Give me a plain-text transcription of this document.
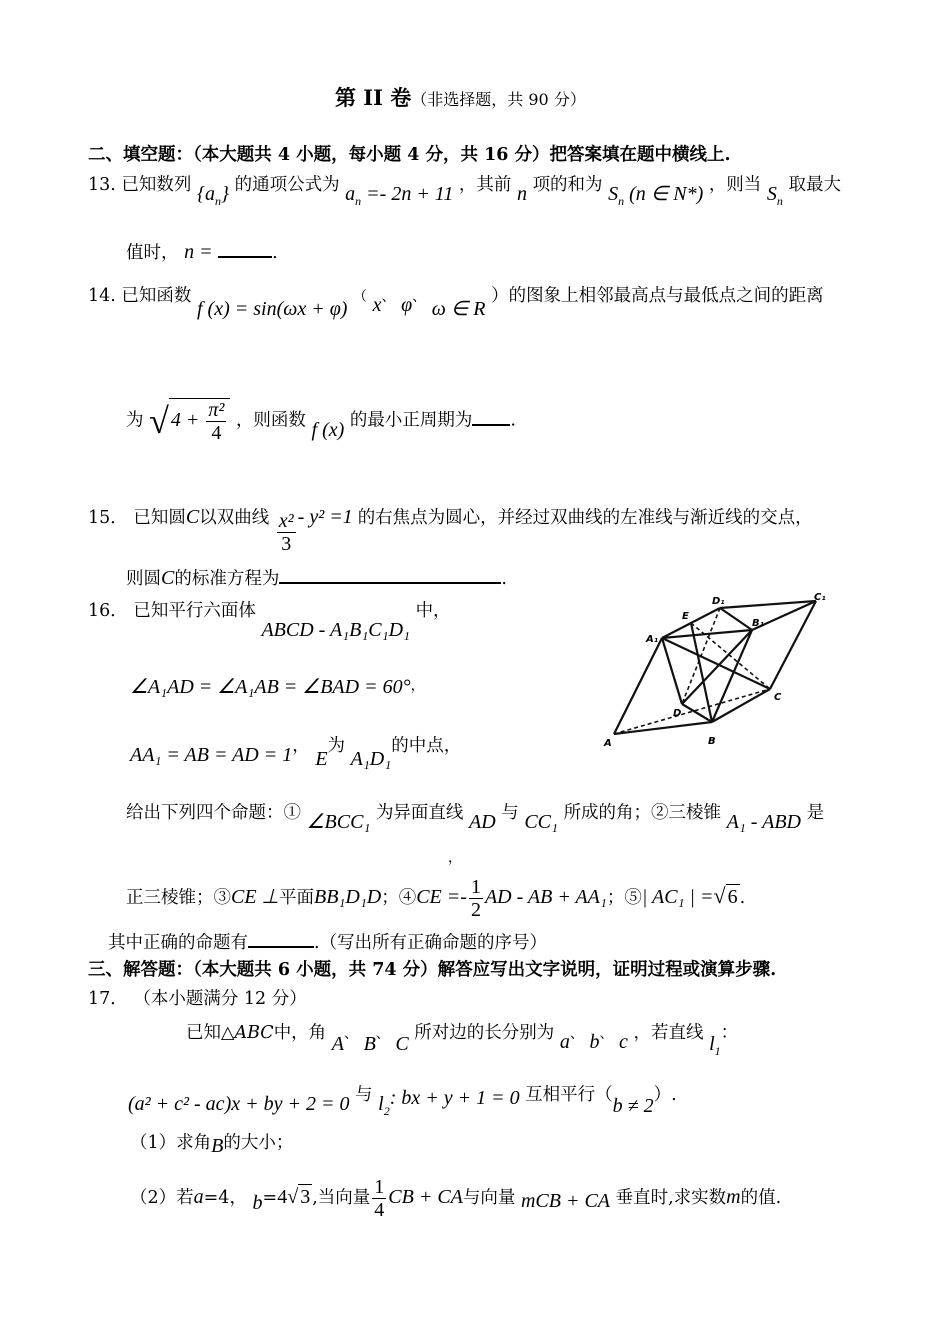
第 II 卷（非选择题，共 90 分）
二、填空题：（本大题共 4 小题，每小题 4 分，共 16 分）把答案填在题中横线上.
13. 已知数列 $\{a_n\}$ 的通项公式为 $a_n =- 2n + 11$ ，其前 n 项的和为 $S_n$ (n ∈ N*) ，则当 $S_n$ 取最大
值时， n =	.
14. 已知函数 f (x) = sin(ωx + φ) （ x、 φ、 ω ∈ R ）的图象上相邻最高点与最低点之间的距离
为 √ $4 + \frac{\text{π²}}{4}$ ，则函数 f (x) 的最小正周期为 .
15． 已知圆C以双曲线 $\frac{\text{x²}}{3} - y^2 =1$ 的右焦点为圆心，并经过双曲线的左准线与渐近线的交点，
则圆C的标准方程为	.
16． 已知平行六面体 ABCD - A₁B₁C₁D₁ 中，
∠A₁AD = ∠A₁AB = ∠BAD = 60°，
AA₁ = AB = AD = 1， E为 A₁D₁的中点，
给出下列四个命题：① ∠BCC₁ 为异面直线 AD 与 CC₁ 所成的角；②三棱锥 A₁ - ABD 是
，
正三棱锥；③CE ⊥平面BB₁D₁D；④CE =- $\frac{1}{2}$ AD - AB + AA₁；⑤| AC₁ | =√ 6 .
其中正确的命题有	.（写出所有正确命题的序号）
A	B
C
D
A₁
B₁
C₁
D₁
E
三、解答题：（本大题共 6 小题，共 74 分）解答应写出文字说明，证明过程或演算步骤.
17． （本小题满分 12 分）
已知△ABC中，角 A、 B、 C 所对边的长分别为 a、 b、 c ，若直线 $l_1$：
(a² + c² - ac)x + by + 2 = 0 与 $l_2$: bx + y + 1 = 0 互相平行（b ≠ 2）.
（1）求角B的大小；
（2）若a=4， b=4√ 3 ,当向量 $\frac{1}{4}$ CB + CA与向量 mCB + CA 垂直时,求实数m的值.
